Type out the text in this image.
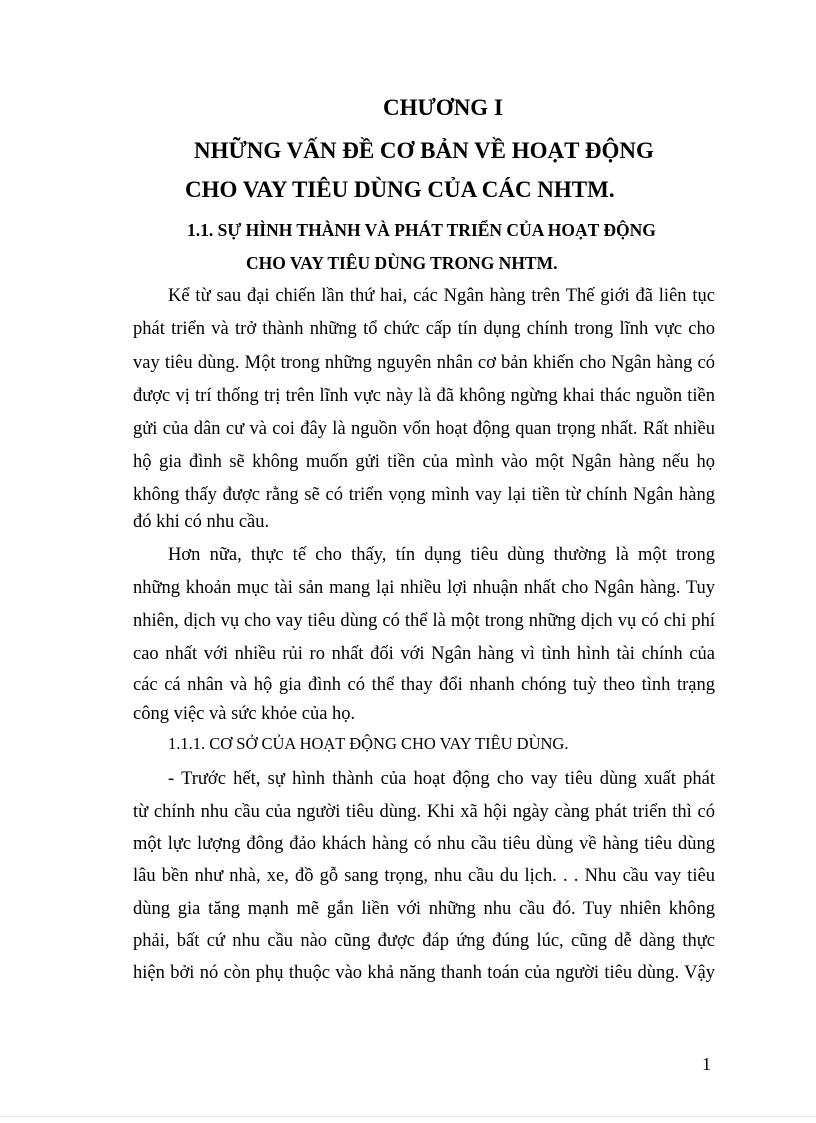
CHƯƠNG I
NHỮNG VẤN ĐỀ CƠ BẢN VỀ HOẠT ĐỘNG
CHO VAY TIÊU DÙNG CỦA CÁC NHTM.
1.1. SỰ HÌNH THÀNH VÀ PHÁT TRIỂN CỦA HOẠT ĐỘNG
CHO VAY TIÊU DÙNG TRONG NHTM.
Kể từ sau đại chiến lần thứ hai, các Ngân hàng trên Thế giới đã liên tục
phát triển và trở thành những tổ chức cấp tín dụng chính trong lĩnh vực cho
vay tiêu dùng. Một trong những nguyên nhân cơ bản khiến cho Ngân hàng có
được vị trí thống trị trên lĩnh vực này là đã không ngừng khai thác nguồn tiền
gửi của dân cư và coi đây là nguồn vốn hoạt động quan trọng nhất. Rất nhiều
hộ gia đình sẽ không muốn gửi tiền của mình vào một Ngân hàng nếu họ
không thấy được rằng sẽ có triển vọng mình vay lại tiền từ chính Ngân hàng
đó khi có nhu cầu.
Hơn nữa, thực tế cho thấy, tín dụng tiêu dùng thường là một trong
những khoản mục tài sản mang lại nhiều lợi nhuận nhất cho Ngân hàng. Tuy
nhiên, dịch vụ cho vay tiêu dùng có thể là một trong những dịch vụ có chi phí
cao nhất với nhiều rủi ro nhất đối với Ngân hàng vì tình hình tài chính của
các cá nhân và hộ gia đình có thể thay đổi nhanh chóng tuỳ theo tình trạng
công việc và sức khỏe của họ.
1.1.1. CƠ SỞ CỦA HOẠT ĐỘNG CHO VAY TIÊU DÙNG.
- Trước hết, sự hình thành của hoạt động cho vay tiêu dùng xuất phát
từ chính nhu cầu của người tiêu dùng. Khi xã hội ngày càng phát triển thì có
một lực lượng đông đảo khách hàng có nhu cầu tiêu dùng về hàng tiêu dùng
lâu bền như nhà, xe, đồ gỗ sang trọng, nhu cầu du lịch. . . Nhu cầu vay tiêu
dùng gia tăng mạnh mẽ gắn liền với những nhu cầu đó. Tuy nhiên không
phải, bất cứ nhu cầu nào cũng được đáp ứng đúng lúc, cũng dễ dàng thực
hiện bởi nó còn phụ thuộc vào khả năng thanh toán của người tiêu dùng. Vậy
1
